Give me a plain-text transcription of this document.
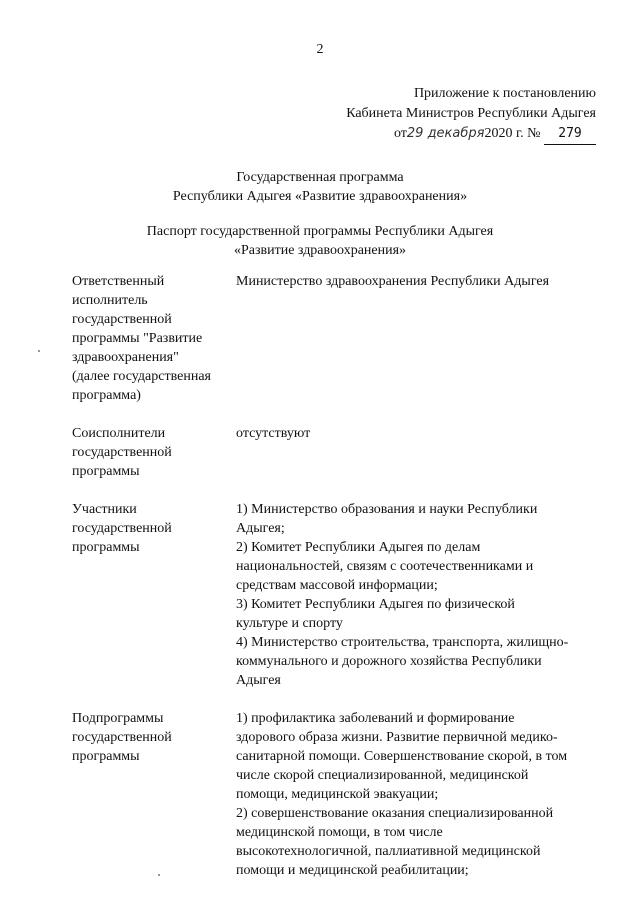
2
Приложение к постановлению
Кабинета Министров Республики Адыгея
от29 декабря2020 г. № 279
Государственная программа
Республики Адыгея «Развитие здравоохранения»
Паспорт государственной программы Республики Адыгея
«Развитие здравоохранения»
Ответственный
исполнитель
государственной
программы "Развитие
здравоохранения"
(далее государственная
программа)
Министерство здравоохранения Республики Адыгея
Соисполнители
государственной
программы
отсутствуют
Участники
государственной
программы
1) Министерство образования и науки Республики
Адыгея;
2) Комитет Республики Адыгея по делам
национальностей, связям с соотечественниками и
средствам массовой информации;
3) Комитет Республики Адыгея по физической
культуре и спорту
4) Министерство строительства, транспорта, жилищно-
коммунального и дорожного хозяйства Республики
Адыгея
Подпрограммы
государственной
программы
1) профилактика заболеваний и формирование
здорового образа жизни. Развитие первичной медико-
санитарной помощи. Совершенствование скорой, в том
числе скорой специализированной, медицинской
помощи, медицинской эвакуации;
2) совершенствование оказания специализированной
медицинской помощи, в том числе
высокотехнологичной, паллиативной медицинской
помощи и медицинской реабилитации;
